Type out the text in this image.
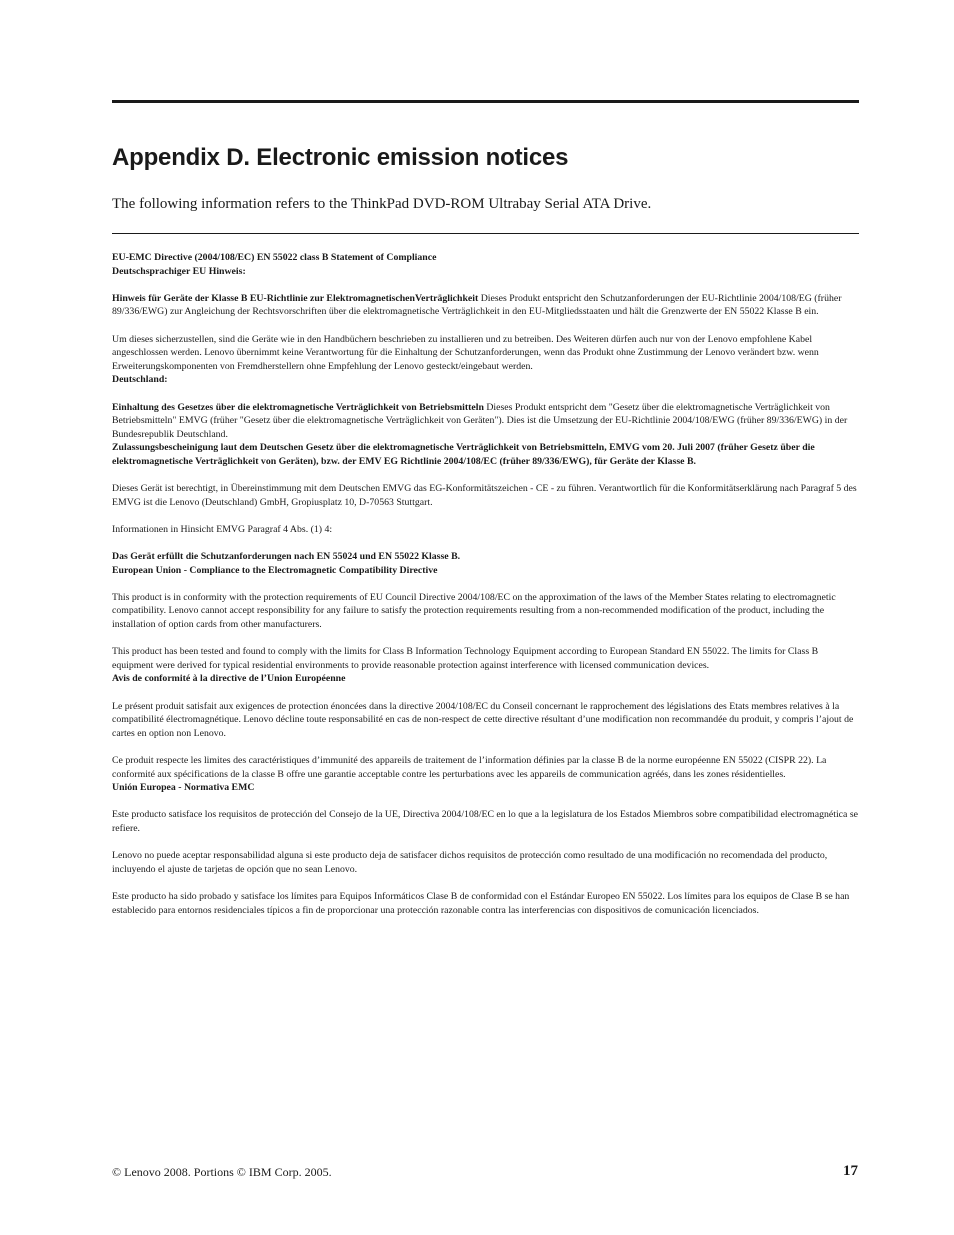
Appendix D. Electronic emission notices

The following information refers to the ThinkPad DVD-ROM Ultrabay Serial ATA Drive.

EU-EMC Directive (2004/108/EC) EN 55022 class B Statement of Compliance

Deutschsprachiger EU Hinweis:

Hinweis für Geräte der Klasse B EU-Richtlinie zur ElektromagnetischenVerträglichkeit Dieses Produkt entspricht den Schutzanforderungen der EU-Richtlinie 2004/108/EG (früher 89/336/EWG) zur Angleichung der Rechtsvorschriften über die elektromagnetische Verträglichkeit in den EU-Mitgliedsstaaten und hält die Grenzwerte der EN 55022 Klasse B ein.

Um dieses sicherzustellen, sind die Geräte wie in den Handbüchern beschrieben zu installieren und zu betreiben. Des Weiteren dürfen auch nur von der Lenovo empfohlene Kabel angeschlossen werden. Lenovo übernimmt keine Verantwortung für die Einhaltung der Schutzanforderungen, wenn das Produkt ohne Zustimmung der Lenovo verändert bzw. wenn Erweiterungskomponenten von Fremdherstellern ohne Empfehlung der Lenovo gesteckt/eingebaut werden.

Deutschland:

Einhaltung des Gesetzes über die elektromagnetische Verträglichkeit von Betriebsmitteln Dieses Produkt entspricht dem "Gesetz über die elektromagnetische Verträglichkeit von Betriebsmitteln" EMVG (früher "Gesetz über die elektromagnetische Verträglichkeit von Geräten"). Dies ist die Umsetzung der EU-Richtlinie 2004/108/EWG (früher 89/336/EWG) in der Bundesrepublik Deutschland.

Zulassungsbescheinigung laut dem Deutschen Gesetz über die elektromagnetische Verträglichkeit von Betriebsmitteln, EMVG vom 20. Juli 2007 (früher Gesetz über die elektromagnetische Verträglichkeit von Geräten), bzw. der EMV EG Richtlinie 2004/108/EC (früher 89/336/EWG), für Geräte der Klasse B.

Dieses Gerät ist berechtigt, in Übereinstimmung mit dem Deutschen EMVG das EG-Konformitätszeichen - CE - zu führen. Verantwortlich für die Konformitätserklärung nach Paragraf 5 des EMVG ist die Lenovo (Deutschland) GmbH, Gropiusplatz 10, D-70563 Stuttgart.

Informationen in Hinsicht EMVG Paragraf 4 Abs. (1) 4:

Das Gerät erfüllt die Schutzanforderungen nach EN 55024 und EN 55022 Klasse B.

European Union - Compliance to the Electromagnetic Compatibility Directive

This product is in conformity with the protection requirements of EU Council Directive 2004/108/EC on the approximation of the laws of the Member States relating to electromagnetic compatibility. Lenovo cannot accept responsibility for any failure to satisfy the protection requirements resulting from a non-recommended modification of the product, including the installation of option cards from other manufacturers.

This product has been tested and found to comply with the limits for Class B Information Technology Equipment according to European Standard EN 55022. The limits for Class B equipment were derived for typical residential environments to provide reasonable protection against interference with licensed communication devices.

Avis de conformité à la directive de l’Union Européenne

Le présent produit satisfait aux exigences de protection énoncées dans la directive 2004/108/EC du Conseil concernant le rapprochement des législations des Etats membres relatives à la compatibilité électromagnétique. Lenovo décline toute responsabilité en cas de non-respect de cette directive résultant d’une modification non recommandée du produit, y compris l’ajout de cartes en option non Lenovo.

Ce produit respecte les limites des caractéristiques d’immunité des appareils de traitement de l’information définies par la classe B de la norme européenne EN 55022 (CISPR 22). La conformité aux spécifications de la classe B offre une garantie acceptable contre les perturbations avec les appareils de communication agréés, dans les zones résidentielles.

Unión Europea - Normativa EMC

Este producto satisface los requisitos de protección del Consejo de la UE, Directiva 2004/108/EC en lo que a la legislatura de los Estados Miembros sobre compatibilidad electromagnética se refiere.

Lenovo no puede aceptar responsabilidad alguna si este producto deja de satisfacer dichos requisitos de protección como resultado de una modificación no recomendada del producto, incluyendo el ajuste de tarjetas de opción que no sean Lenovo.

Este producto ha sido probado y satisface los límites para Equipos Informáticos Clase B de conformidad con el Estándar Europeo EN 55022. Los límites para los equipos de Clase B se han establecido para entornos residenciales típicos a fin de proporcionar una protección razonable contra las interferencias con dispositivos de comunicación licenciados.

© Lenovo 2008. Portions © IBM Corp. 2005.	17
